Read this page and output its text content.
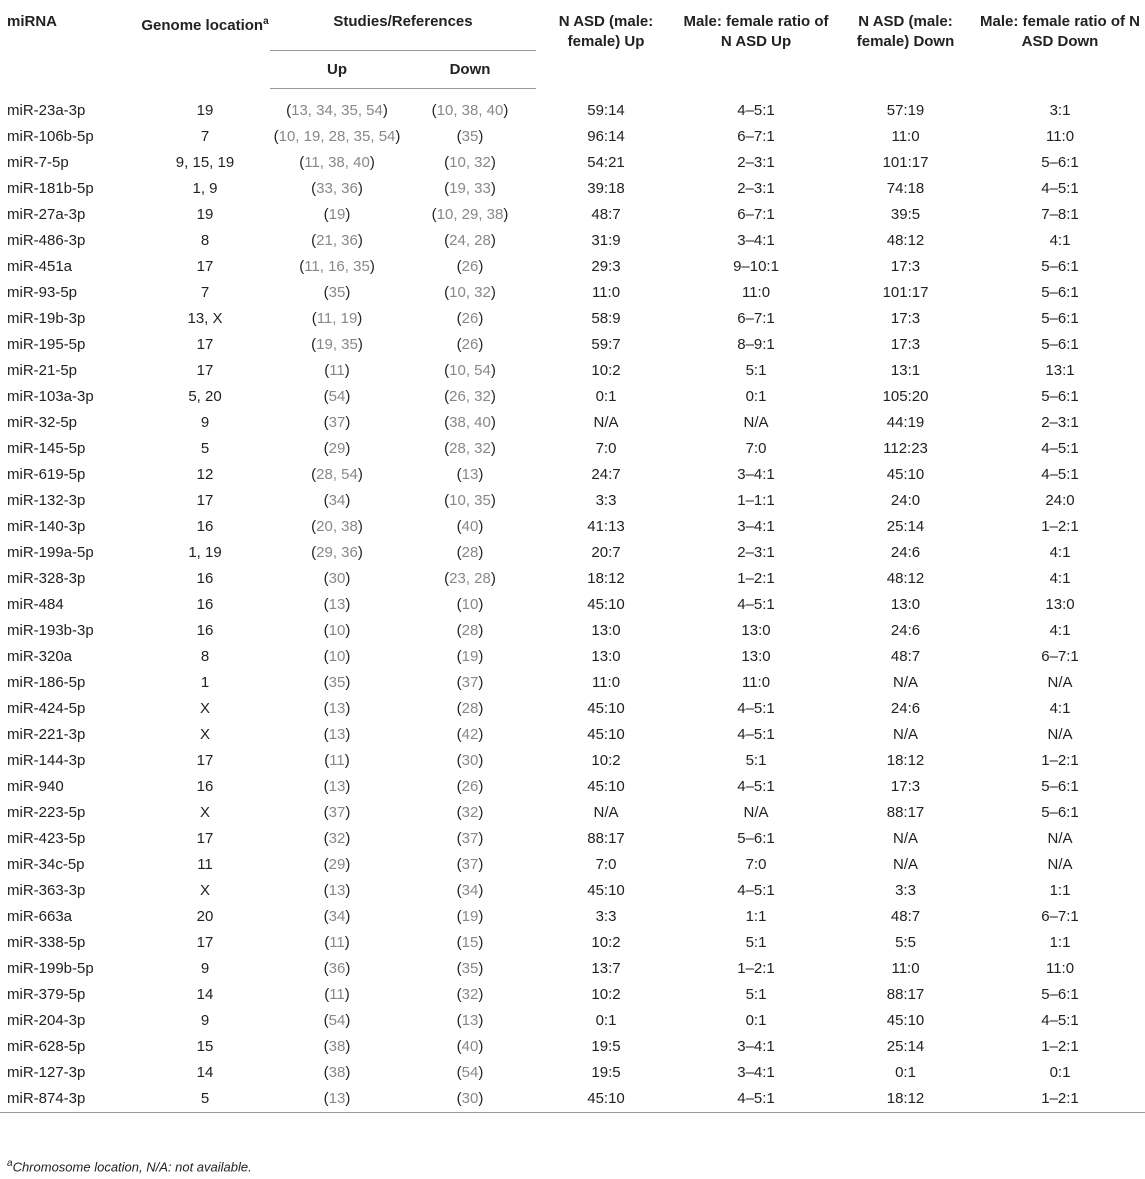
miRNA	Genome location$^a$	Studies/References		N ASD (male: female) Up	Male: female ratio of N ASD Up	N ASD (male: female) Down	Male: female ratio of N ASD Down
		Up	Down				

miR-23a-3p	19	(13, 34, 35, 54)	(10, 38, 40)	59:14	4–5:1	57:19	3:1
miR-106b-5p	7	(10, 19, 28, 35, 54)	(35)	96:14	6–7:1	11:0	11:0
miR-7-5p	9, 15, 19	(11, 38, 40)	(10, 32)	54:21	2–3:1	101:17	5–6:1
miR-181b-5p	1, 9	(33, 36)	(19, 33)	39:18	2–3:1	74:18	4–5:1
miR-27a-3p	19	(19)	(10, 29, 38)	48:7	6–7:1	39:5	7–8:1
miR-486-3p	8	(21, 36)	(24, 28)	31:9	3–4:1	48:12	4:1
miR-451a	17	(11, 16, 35)	(26)	29:3	9–10:1	17:3	5–6:1
miR-93-5p	7	(35)	(10, 32)	11:0	11:0	101:17	5–6:1
miR-19b-3p	13, X	(11, 19)	(26)	58:9	6–7:1	17:3	5–6:1
miR-195-5p	17	(19, 35)	(26)	59:7	8–9:1	17:3	5–6:1
miR-21-5p	17	(11)	(10, 54)	10:2	5:1	13:1	13:1
miR-103a-3p	5, 20	(54)	(26, 32)	0:1	0:1	105:20	5–6:1
miR-32-5p	9	(37)	(38, 40)	N/A	N/A	44:19	2–3:1
miR-145-5p	5	(29)	(28, 32)	7:0	7:0	112:23	4–5:1
miR-619-5p	12	(28, 54)	(13)	24:7	3–4:1	45:10	4–5:1
miR-132-3p	17	(34)	(10, 35)	3:3	1–1:1	24:0	24:0
miR-140-3p	16	(20, 38)	(40)	41:13	3–4:1	25:14	1–2:1
miR-199a-5p	1, 19	(29, 36)	(28)	20:7	2–3:1	24:6	4:1
miR-328-3p	16	(30)	(23, 28)	18:12	1–2:1	48:12	4:1
miR-484	16	(13)	(10)	45:10	4–5:1	13:0	13:0
miR-193b-3p	16	(10)	(28)	13:0	13:0	24:6	4:1
miR-320a	8	(10)	(19)	13:0	13:0	48:7	6–7:1
miR-186-5p	1	(35)	(37)	11:0	11:0	N/A	N/A
miR-424-5p	X	(13)	(28)	45:10	4–5:1	24:6	4:1
miR-221-3p	X	(13)	(42)	45:10	4–5:1	N/A	N/A
miR-144-3p	17	(11)	(30)	10:2	5:1	18:12	1–2:1
miR-940	16	(13)	(26)	45:10	4–5:1	17:3	5–6:1
miR-223-5p	X	(37)	(32)	N/A	N/A	88:17	5–6:1
miR-423-5p	17	(32)	(37)	88:17	5–6:1	N/A	N/A
miR-34c-5p	11	(29)	(37)	7:0	7:0	N/A	N/A
miR-363-3p	X	(13)	(34)	45:10	4–5:1	3:3	1:1
miR-663a	20	(34)	(19)	3:3	1:1	48:7	6–7:1
miR-338-5p	17	(11)	(15)	10:2	5:1	5:5	1:1
miR-199b-5p	9	(36)	(35)	13:7	1–2:1	11:0	11:0
miR-379-5p	14	(11)	(32)	10:2	5:1	88:17	5–6:1
miR-204-3p	9	(54)	(13)	0:1	0:1	45:10	4–5:1
miR-628-5p	15	(38)	(40)	19:5	3–4:1	25:14	1–2:1
miR-127-3p	14	(38)	(54)	19:5	3–4:1	0:1	0:1
miR-874-3p	5	(13)	(30)	45:10	4–5:1	18:12	1–2:1
$^a$Chromosome location, N/A: not available.
